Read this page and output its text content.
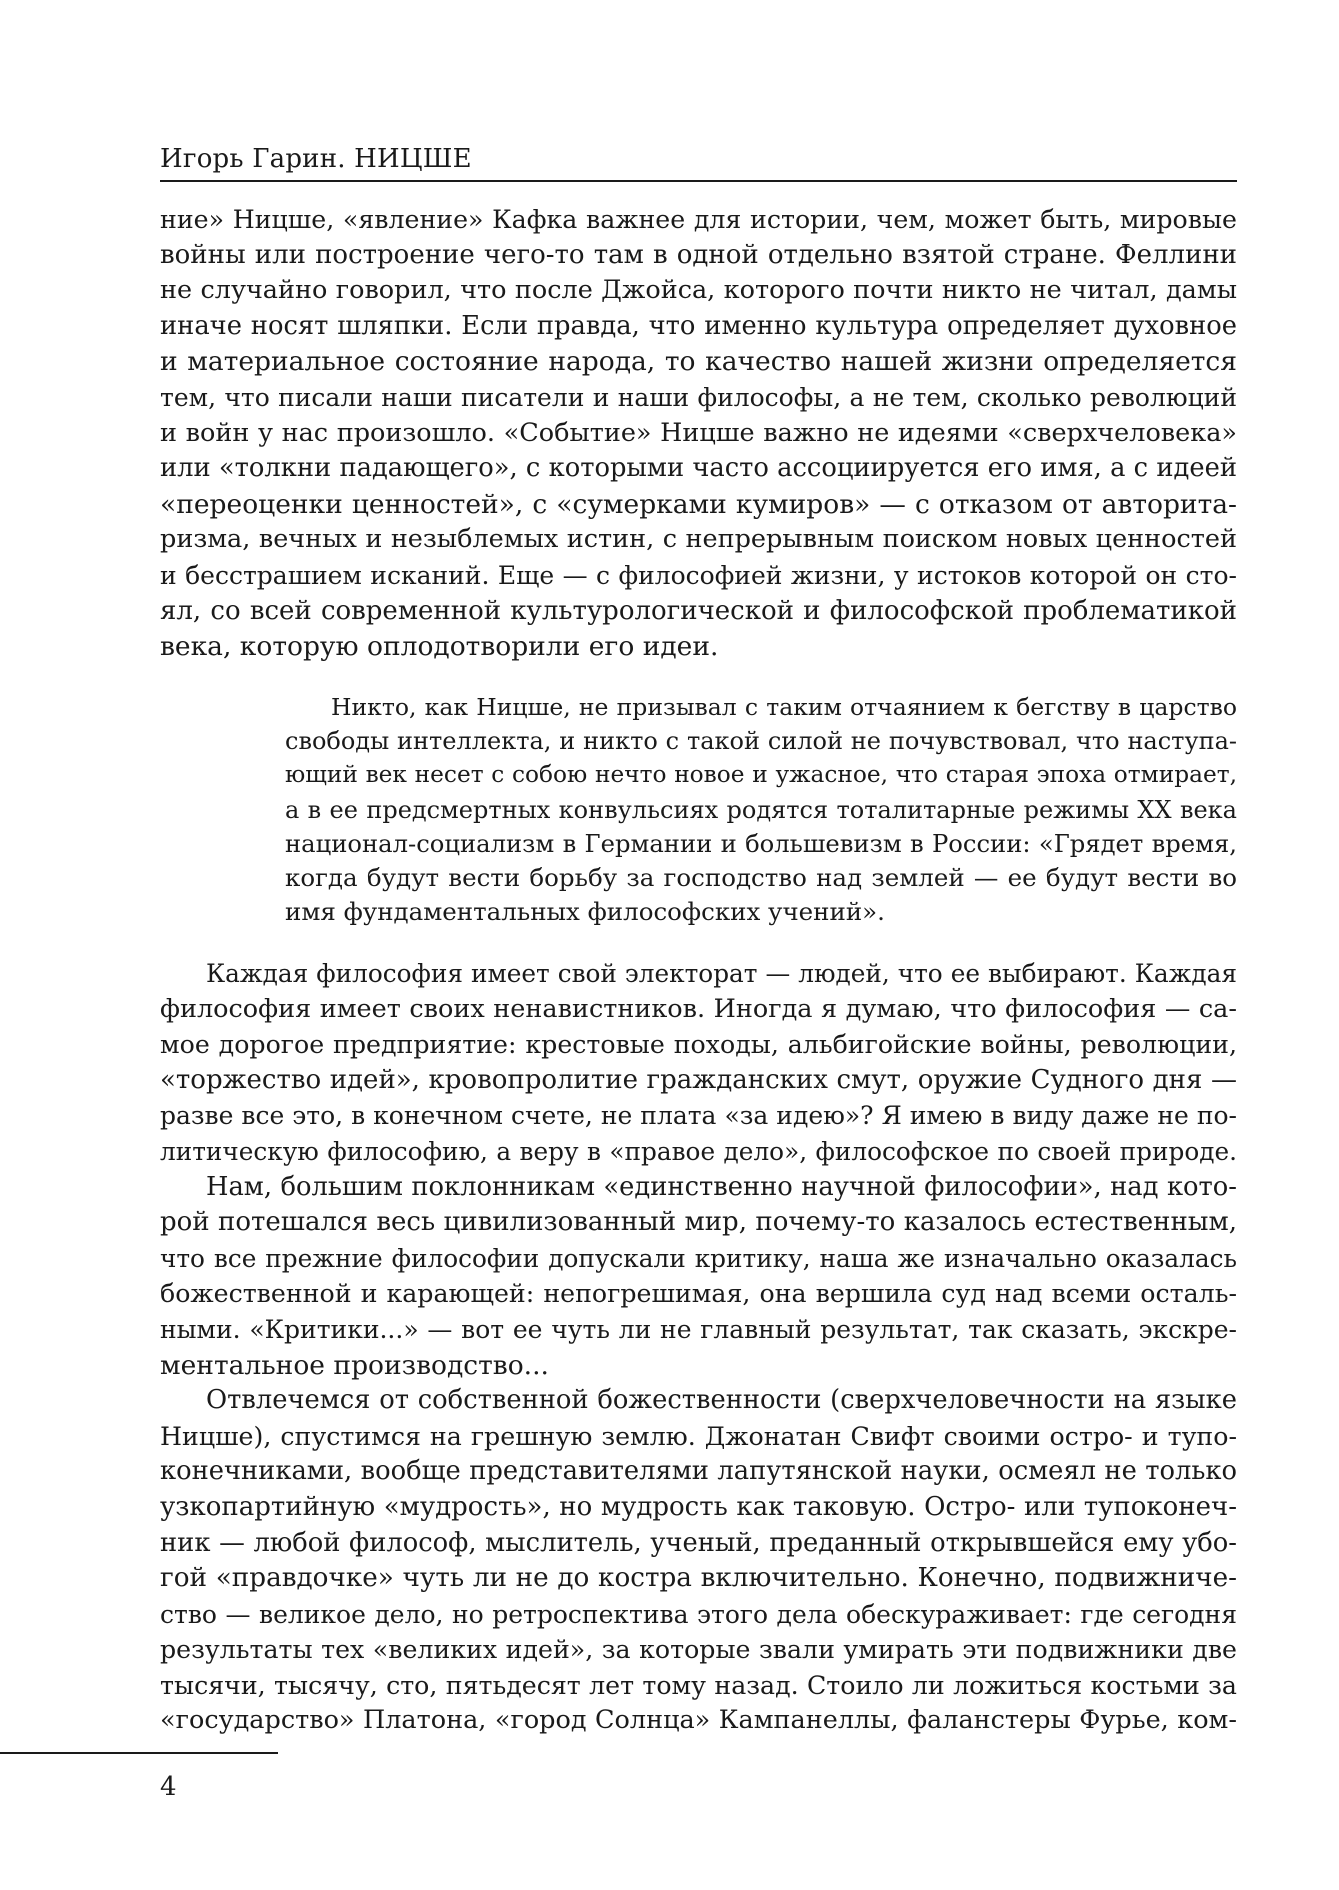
Игорь Гарин. НИЦШЕ
ние» Ницше, «явление» Кафка важнее для истории, чем, может быть, мировые
войны или построение чего-то там в одной отдельно взятой стране. Феллини
не случайно говорил, что после Джойса, которого почти никто не читал, дамы
иначе носят шляпки. Если правда, что именно культура определяет духовное
и материальное состояние народа, то качество нашей жизни определяется
тем, что писали наши писатели и наши философы, а не тем, сколько революций
и войн у нас произошло. «Событие» Ницше важно не идеями «сверхчеловека»
или «толкни падающего», с которыми часто ассоциируется его имя, а с идеей
«переоценки ценностей», с «сумерками кумиров» — с отказом от авторита-
ризма, вечных и незыблемых истин, с непрерывным поиском новых ценностей
и бесстрашием исканий. Еще — с философией жизни, у истоков которой он сто-
ял, со всей современной культурологической и философской проблематикой
века, которую оплодотворили его идеи.
Никто, как Ницше, не призывал с таким отчаянием к бегству в царство
свободы интеллекта, и никто с такой силой не почувствовал, что наступа-
ющий век несет с собою нечто новое и ужасное, что старая эпоха отмирает,
а в ее предсмертных конвульсиях родятся тоталитарные режимы XX века
национал-социализм в Германии и большевизм в России: «Грядет время,
когда будут вести борьбу за господство над землей — ее будут вести во
имя фундаментальных философских учений».
Каждая философия имеет свой электорат — людей, что ее выбирают. Каждая
философия имеет своих ненавистников. Иногда я думаю, что философия — са-
мое дорогое предприятие: крестовые походы, альбигойские войны, революции,
«торжество идей», кровопролитие гражданских смут, оружие Судного дня —
разве все это, в конечном счете, не плата «за идею»? Я имею в виду даже не по-
литическую философию, а веру в «правое дело», философское по своей природе.
Нам, большим поклонникам «единственно научной философии», над кото-
рой потешался весь цивилизованный мир, почему-то казалось естественным,
что все прежние философии допускали критику, наша же изначально оказалась
божественной и карающей: непогрешимая, она вершила суд над всеми осталь-
ными. «Критики...» — вот ее чуть ли не главный результат, так сказать, экскре-
ментальное производство...
Отвлечемся от собственной божественности (сверхчеловечности на языке
Ницше), спустимся на грешную землю. Джонатан Свифт своими остро- и тупо-
конечниками, вообще представителями лапутянской науки, осмеял не только
узкопартийную «мудрость», но мудрость как таковую. Остро- или тупоконеч-
ник — любой философ, мыслитель, ученый, преданный открывшейся ему убо-
гой «правдочке» чуть ли не до костра включительно. Конечно, подвижниче-
ство — великое дело, но ретроспектива этого дела обескураживает: где сегодня
результаты тех «великих идей», за которые звали умирать эти подвижники две
тысячи, тысячу, сто, пятьдесят лет тому назад. Стоило ли ложиться костьми за
«государство» Платона, «город Солнца» Кампанеллы, фаланстеры Фурье, ком-
4
